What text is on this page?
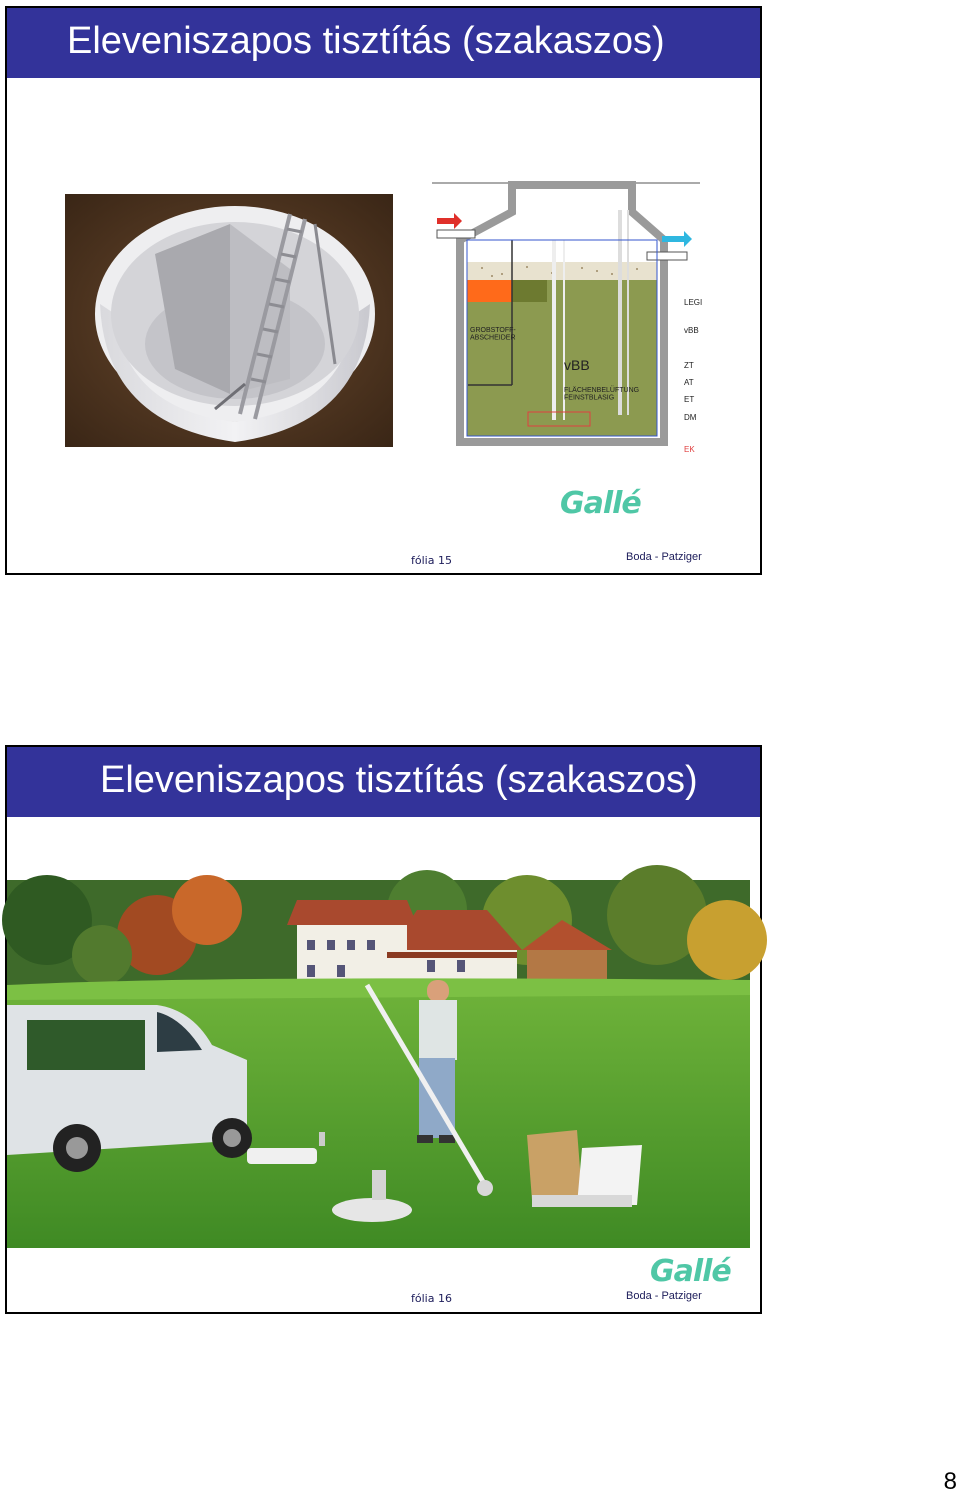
Eleveniszapos tisztítás (szakaszos)
GROBSTOFF-ABSCHEIDER
vBB
FLÄCHENBELÜFTUNG FEINSTBLASIG
LEGI
vBB
ZT
AT
ET
DM
EK
Gallé
fólia 15	Boda - Patziger
Eleveniszapos tisztítás (szakaszos)
Gallé
fólia 16	Boda - Patziger
8
